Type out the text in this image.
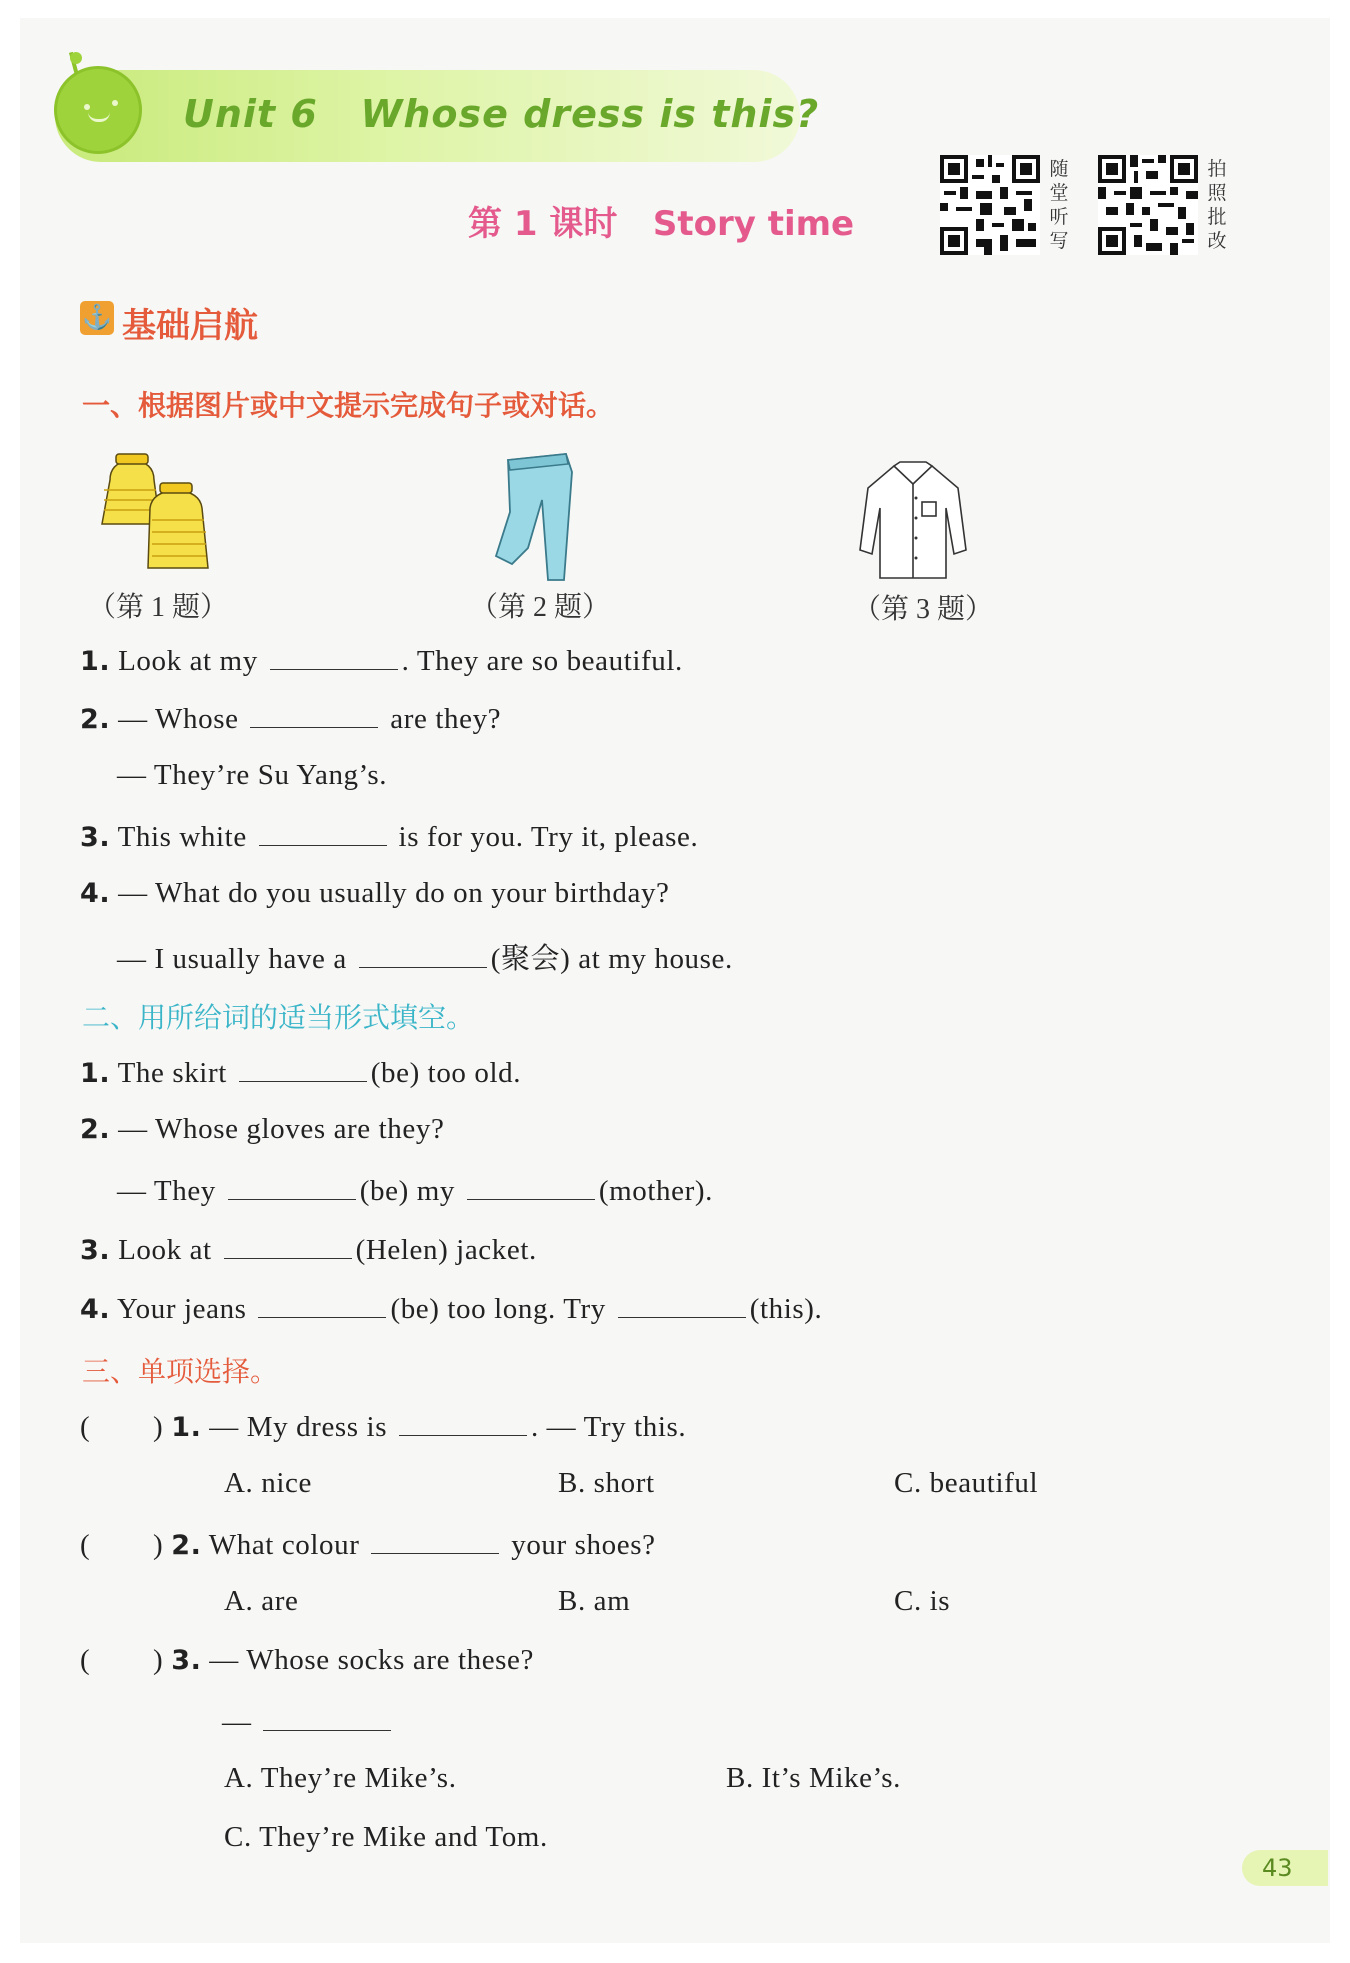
Unit 6   Whose dress is this?
第 1 课时   Story time
随
堂
听
写
拍
照
批
改
⚓ 基础启航
一、根据图片或中文提示完成句子或对话。
（第 1 题）	（第 2 题）	（第 3 题）
1. Look at my	. They are so beautiful.
2. — Whose	are they?
— They’re Su Yang’s.
3. This white	is for you. Try it, please.
4. — What do you usually do on your birthday?
— I usually have a	(聚会) at my house.
二、用所给词的适当形式填空。
1. The skirt	(be) too old.
2. — Whose gloves are they?
— They	(be) my	(mother).
3. Look at	(Helen) jacket.
4. Your jeans	(be) too long. Try	(this).
三、单项选择。
(        ) 1. — My dress is	. — Try this.
A. nice	B. short	C. beautiful
(        ) 2. What colour	your shoes?
A. are	B. am	C. is
(        ) 3. — Whose socks are these?
—
A. They’re Mike’s.	B. It’s Mike’s.
C. They’re Mike and Tom.
43
